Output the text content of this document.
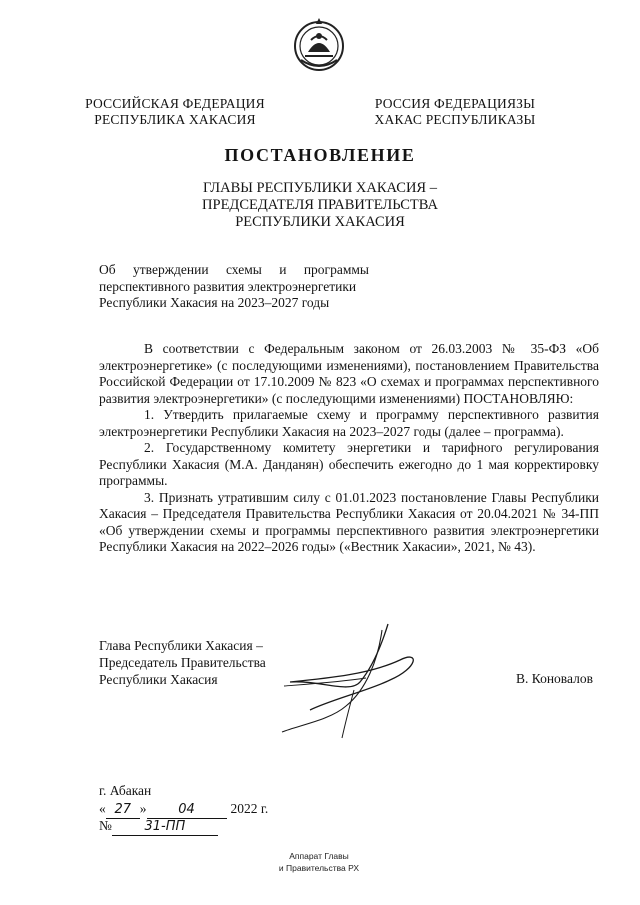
РОССИЙСКАЯ ФЕДЕРАЦИЯ
РЕСПУБЛИКА ХАКАСИЯ
РОССИЯ ФЕДЕРАЦИЯЗЫ
ХАКАС РЕСПУБЛИКАЗЫ
ПОСТАНОВЛЕНИЕ
ГЛАВЫ РЕСПУБЛИКИ ХАКАСИЯ –
ПРЕДСЕДАТЕЛЯ ПРАВИТЕЛЬСТВА
РЕСПУБЛИКИ ХАКАСИЯ
Об утверждении схемы и программы
перспективного развития электроэнергетики
Республики Хакасия на 2023–2027 годы

В соответствии с Федеральным законом от 26.03.2003 № 35-ФЗ «Об электроэнергетике» (с последующими изменениями), постановлением Правительства Российской Федерации от 17.10.2009 № 823 «О схемах и программах перспективного развития электроэнергетики» (с последующими изменениями) ПОСТАНОВЛЯЮ:

1. Утвердить прилагаемые схему и программу перспективного развития электроэнергетики Республики Хакасия на 2023–2027 годы (далее – программа).

2. Государственному комитету энергетики и тарифного регулирования Республики Хакасия (М.А. Данданян) обеспечить ежегодно до 1 мая корректировку программы.

3. Признать утратившим силу с 01.01.2023 постановление Главы Республики Хакасия – Председателя Правительства Республики Хакасия от 20.04.2021 № 34-ПП «Об утверждении схемы и программы перспективного развития электроэнергетики Республики Хакасия на 2022–2026 годы» («Вестник Хакасии», 2021, № 43).

Глава Республики Хакасия –
Председатель Правительства
Республики Хакасия	В. Коновалов
г. Абакан
« 27 » 04	2022 г.
№	31-ПП
Аппарат Главы
и Правительства РХ
